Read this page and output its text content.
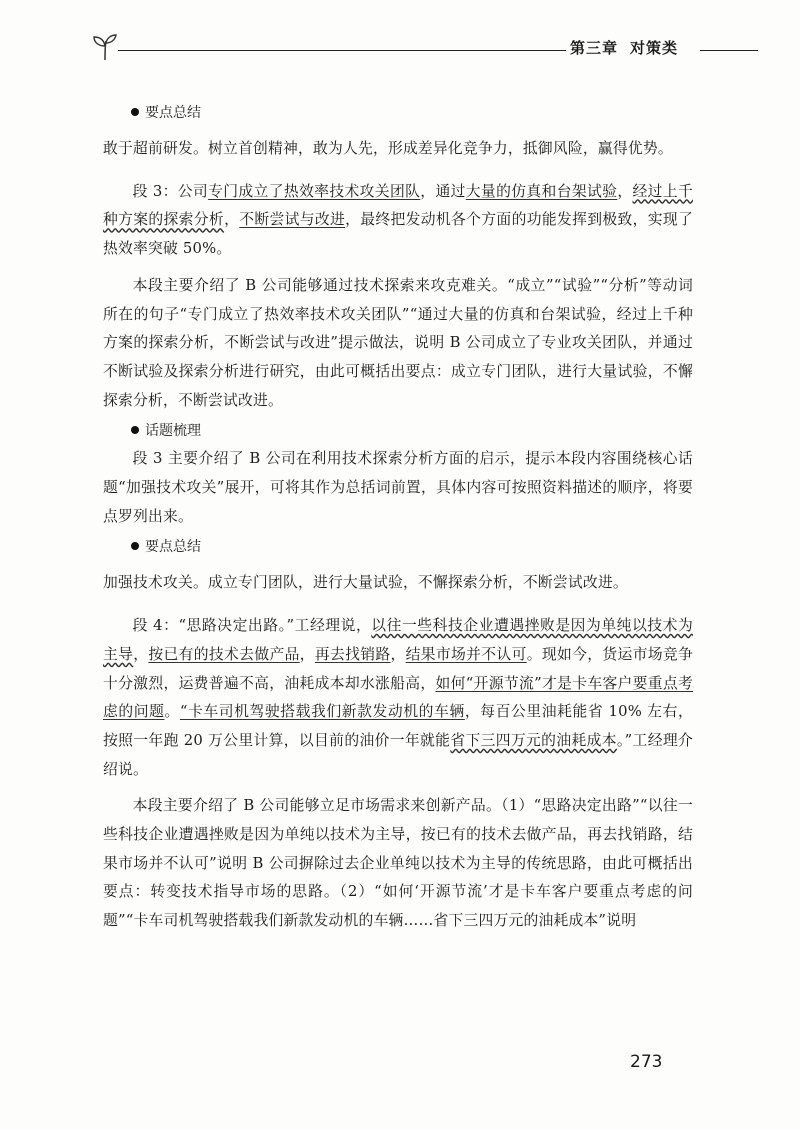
第三章 对策类
要点总结

敢于超前研发。树立首创精神，敢为人先，形成差异化竞争力，抵御风险，赢得优势。

段 3：公司专门成立了热效率技术攻关团队，通过大量的仿真和台架试验，经过上千种方案的探索分析，不断尝试与改进，最终把发动机各个方面的功能发挥到极致，实现了热效率突破 50%。

本段主要介绍了 B 公司能够通过技术探索来攻克难关。“成立”“试验”“分析”等动词所在的句子“专门成立了热效率技术攻关团队”“通过大量的仿真和台架试验，经过上千种方案的探索分析，不断尝试与改进”提示做法，说明 B 公司成立了专业攻关团队，并通过不断试验及探索分析进行研究，由此可概括出要点：成立专门团队，进行大量试验，不懈探索分析，不断尝试改进。

话题梳理

段 3 主要介绍了 B 公司在利用技术探索分析方面的启示，提示本段内容围绕核心话题“加强技术攻关”展开，可将其作为总括词前置，具体内容可按照资料描述的顺序，将要点罗列出来。

要点总结

加强技术攻关。成立专门团队，进行大量试验，不懈探索分析，不断尝试改进。

段 4：“思路决定出路。”工经理说，以往一些科技企业遭遇挫败是因为单纯以技术为主导，按已有的技术去做产品，再去找销路，结果市场并不认可。现如今，货运市场竞争十分激烈，运费普遍不高，油耗成本却水涨船高，如何“开源节流”才是卡车客户要重点考虑的问题。“卡车司机驾驶搭载我们新款发动机的车辆，每百公里油耗能省 10% 左右，按照一年跑 20 万公里计算，以目前的油价一年就能省下三四万元的油耗成本。”工经理介绍说。

本段主要介绍了 B 公司能够立足市场需求来创新产品。（1）“思路决定出路”“以往一些科技企业遭遇挫败是因为单纯以技术为主导，按已有的技术去做产品，再去找销路，结果市场并不认可”说明 B 公司摒除过去企业单纯以技术为主导的传统思路，由此可概括出要点：转变技术指导市场的思路。（2）“如何‘开源节流’才是卡车客户要重点考虑的问题”“卡车司机驾驶搭载我们新款发动机的车辆……省下三四万元的油耗成本”说明

273
